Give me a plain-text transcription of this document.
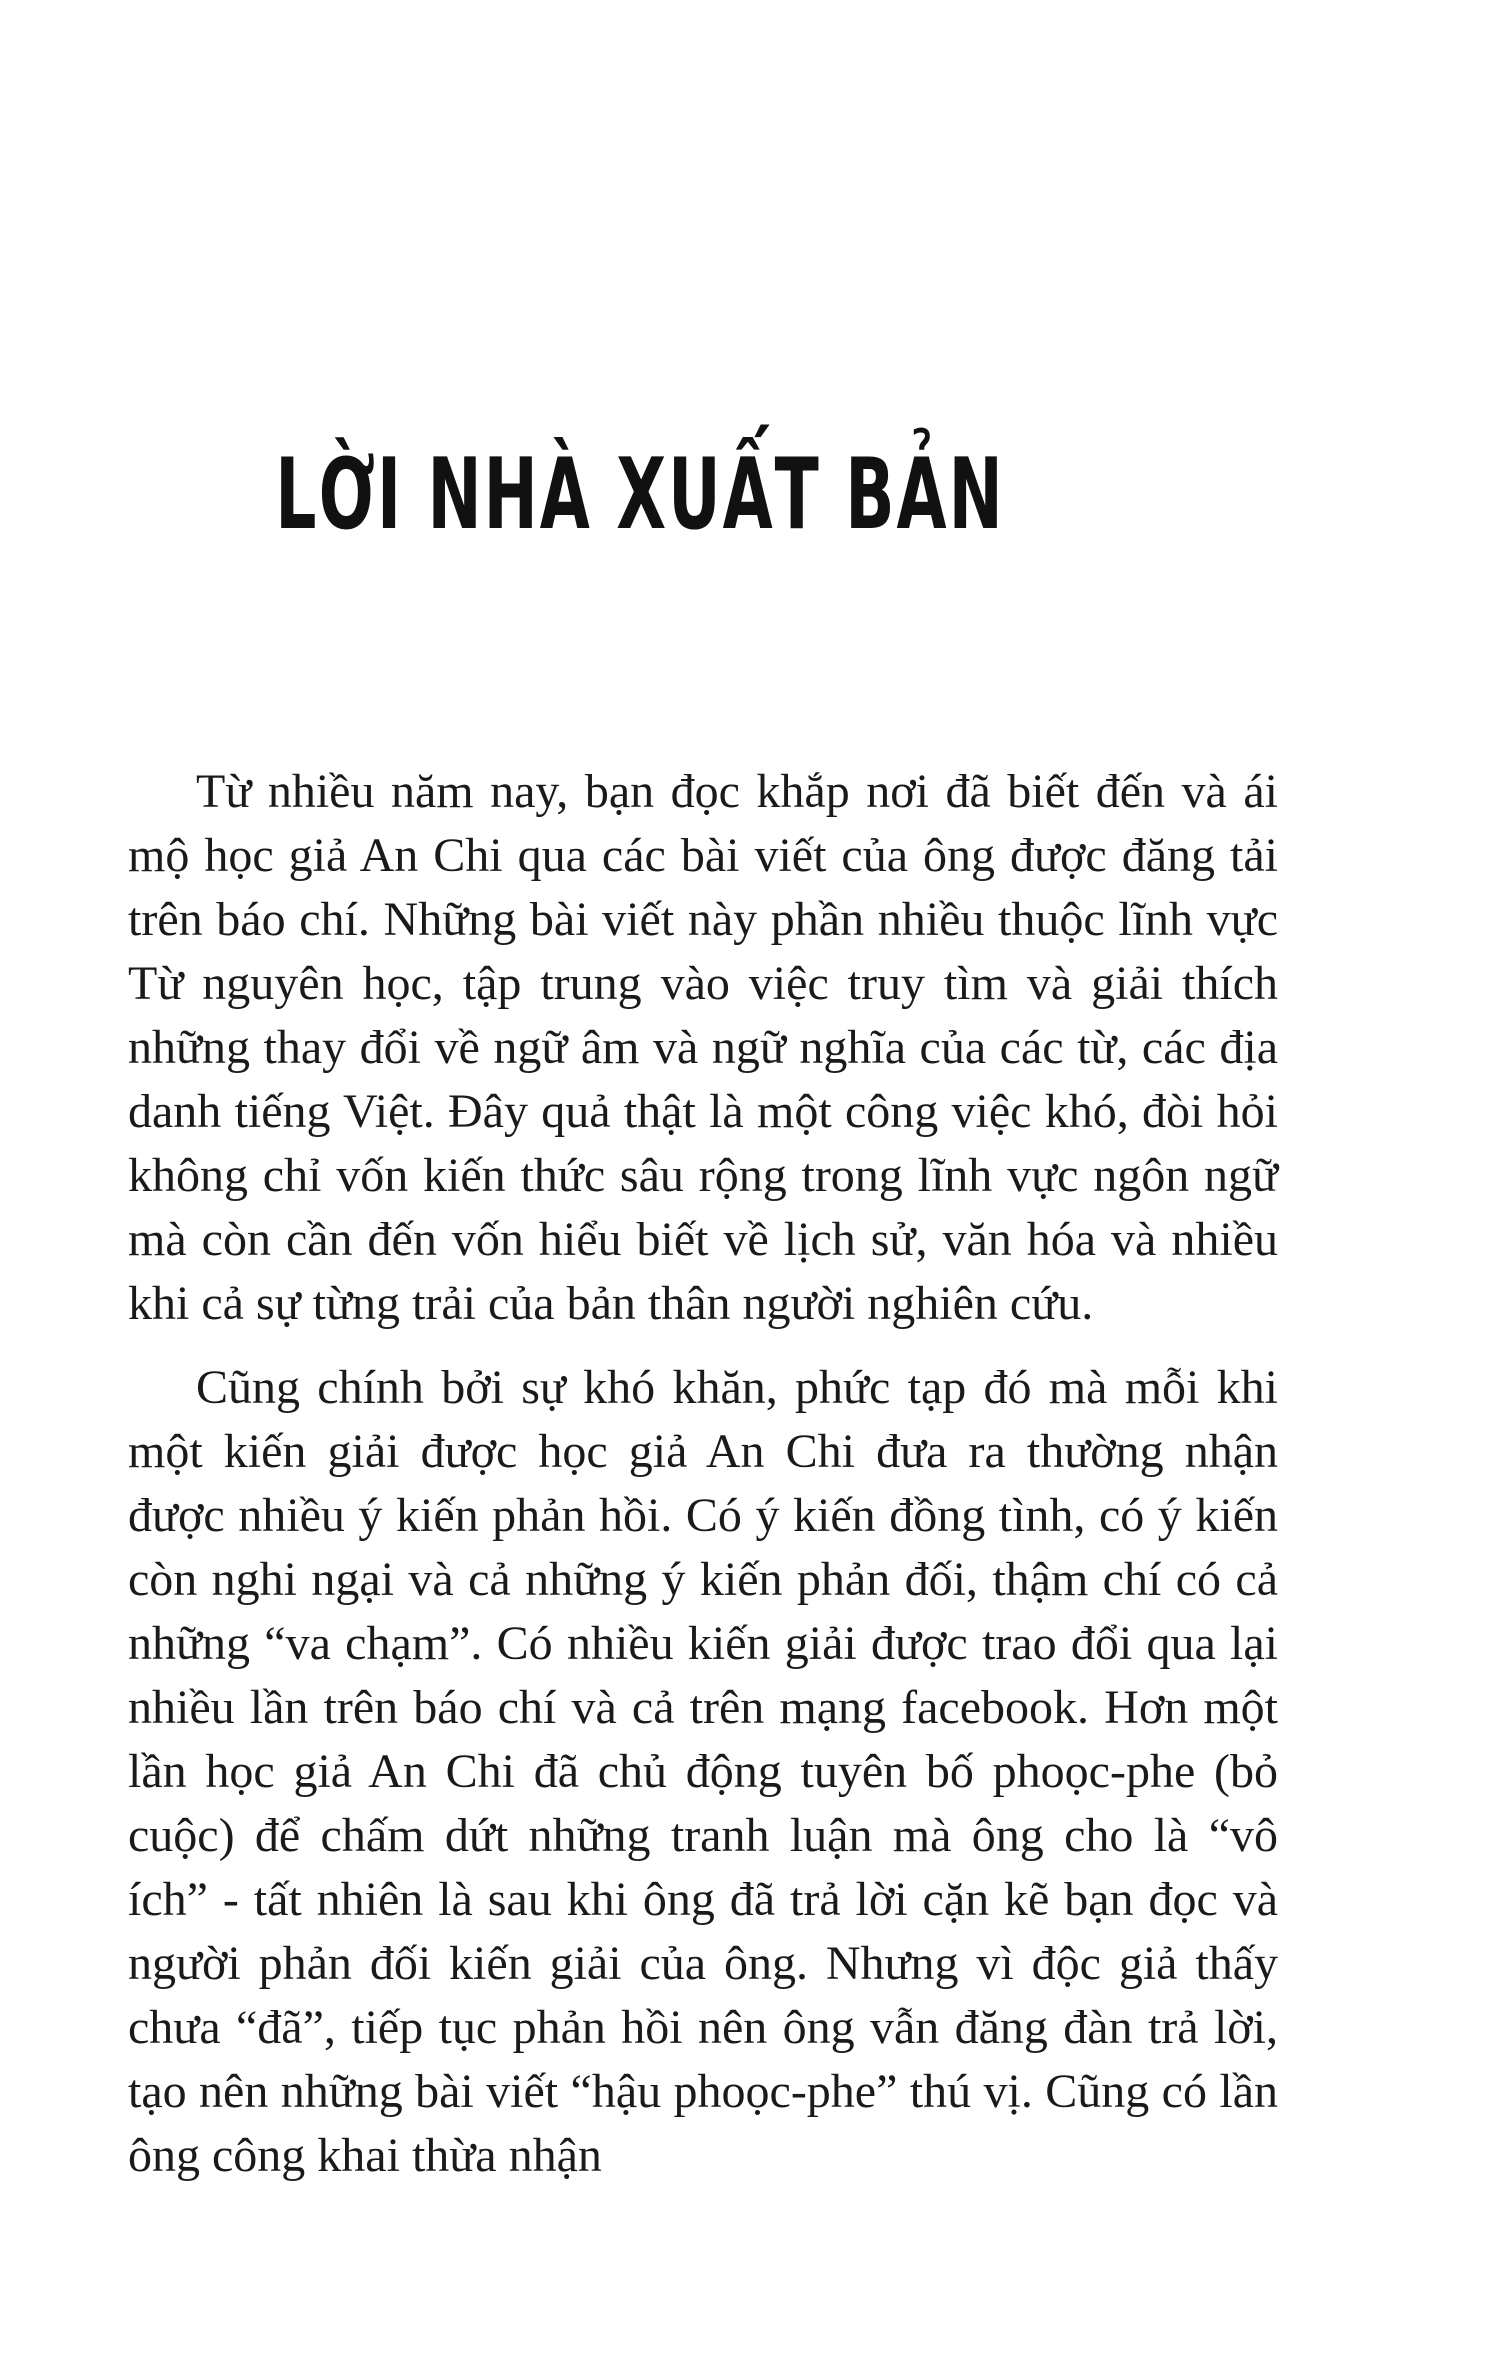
LỜI NHÀ XUẤT BẢN

Từ nhiều năm nay, bạn đọc khắp nơi đã biết đến và ái mộ học giả An Chi qua các bài viết của ông được đăng tải trên báo chí. Những bài viết này phần nhiều thuộc lĩnh vực Từ nguyên học, tập trung vào việc truy tìm và giải thích những thay đổi về ngữ âm và ngữ nghĩa của các từ, các địa danh tiếng Việt. Đây quả thật là một công việc khó, đòi hỏi không chỉ vốn kiến thức sâu rộng trong lĩnh vực ngôn ngữ mà còn cần đến vốn hiểu biết về lịch sử, văn hóa và nhiều khi cả sự từng trải của bản thân người nghiên cứu.

Cũng chính bởi sự khó khăn, phức tạp đó mà mỗi khi một kiến giải được học giả An Chi đưa ra thường nhận được nhiều ý kiến phản hồi. Có ý kiến đồng tình, có ý kiến còn nghi ngại và cả những ý kiến phản đối, thậm chí có cả những “va chạm”. Có nhiều kiến giải được trao đổi qua lại nhiều lần trên báo chí và cả trên mạng facebook. Hơn một lần học giả An Chi đã chủ động tuyên bố phoọc-phe (bỏ cuộc) để chấm dứt những tranh luận mà ông cho là “vô ích” - tất nhiên là sau khi ông đã trả lời cặn kẽ bạn đọc và người phản đối kiến giải của ông. Nhưng vì độc giả thấy chưa “đã”, tiếp tục phản hồi nên ông vẫn đăng đàn trả lời, tạo nên những bài viết “hậu phoọc-phe” thú vị. Cũng có lần ông công khai thừa nhận
